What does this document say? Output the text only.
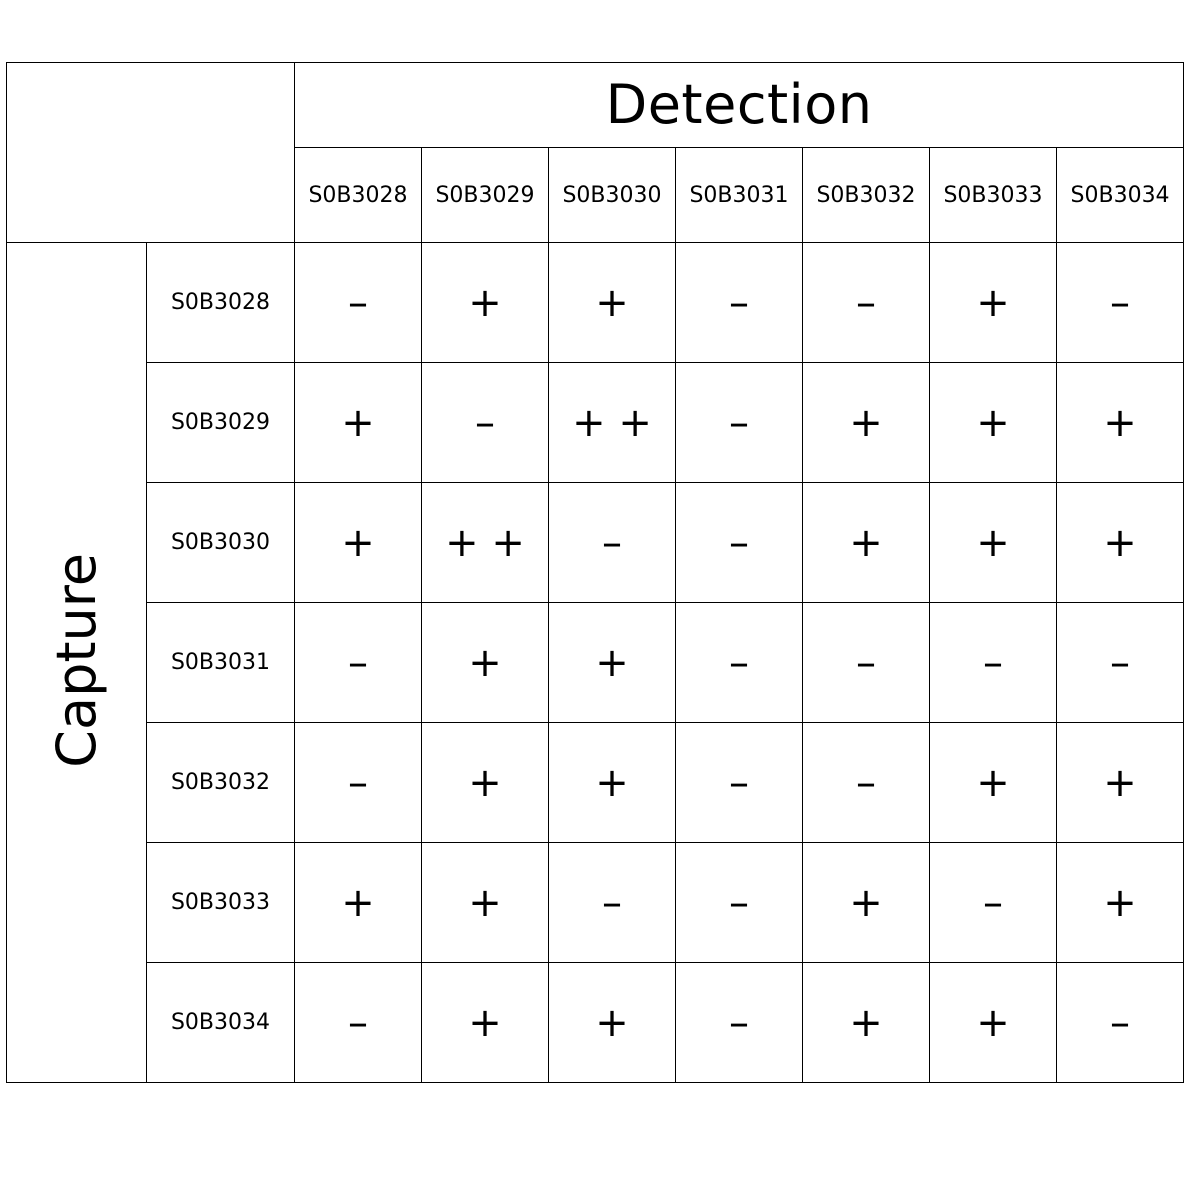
		Detection						
		S0B3028	S0B3029	S0B3030	S0B3031	S0B3032	S0B3033	S0B3034
Capture	S0B3028	–	+	+	–	–	+	–
	S0B3029	+	–	+ +	–	+	+	+
	S0B3030	+	+ +	–	–	+	+	+
	S0B3031	–	+	+	–	–	–	–
	S0B3032	–	+	+	–	–	+	+
	S0B3033	+	+	–	–	+	–	+
	S0B3034	–	+	+	–	+	+	–
